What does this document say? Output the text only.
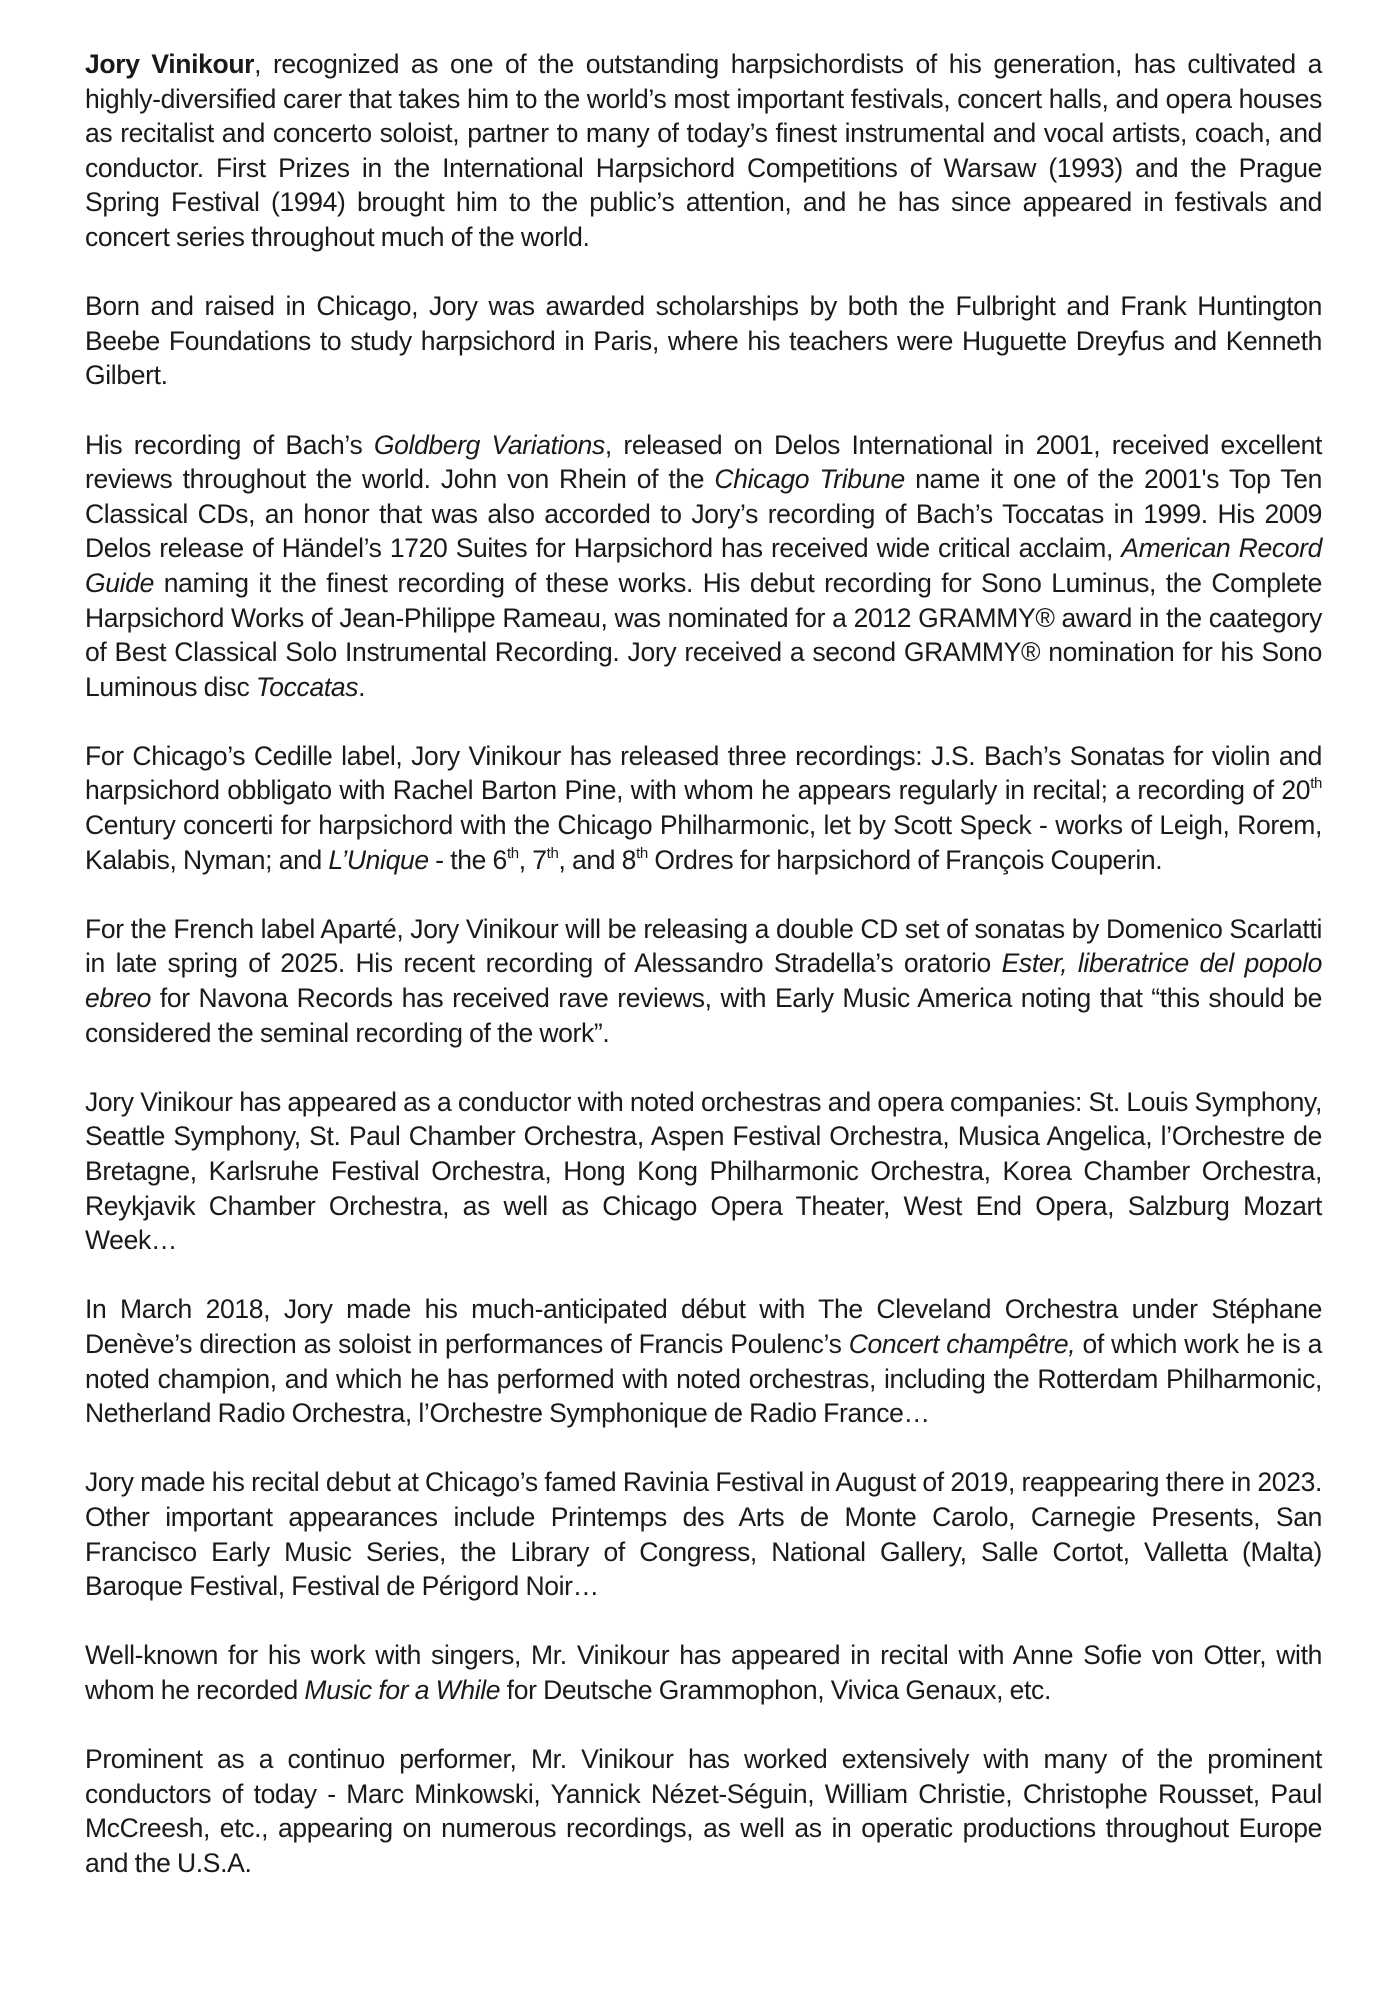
Jory Vinikour, recognized as one of the outstanding harpsichordists of his generation, has cultivated a highly-diversified carer that takes him to the world’s most important festivals, concert halls, and opera houses as recitalist and concerto soloist, partner to many of today’s finest instrumental and vocal artists, coach, and conductor. First Prizes in the International Harpsichord Competitions of Warsaw (1993) and the Prague Spring Festival (1994) brought him to the public’s attention, and he has since appeared in festivals and concert series throughout much of the world.

Born and raised in Chicago, Jory was awarded scholarships by both the Fulbright and Frank Huntington Beebe Foundations to study harpsichord in Paris, where his teachers were Huguette Dreyfus and Kenneth Gilbert.

His recording of Bach’s Goldberg Variations, released on Delos International in 2001, received excellent reviews throughout the world. John von Rhein of the Chicago Tribune name it one of the 2001's Top Ten Classical CDs, an honor that was also accorded to Jory’s recording of Bach’s Toccatas in 1999. His 2009 Delos release of Händel’s 1720 Suites for Harpsichord has received wide critical acclaim, American Record Guide naming it the finest recording of these works. His debut recording for Sono Luminus, the Complete Harpsichord Works of Jean-Philippe Rameau, was nominated for a 2012 GRAMMY® award in the caategory of Best Classical Solo Instrumental Recording. Jory received a second GRAMMY® nomination for his Sono Luminous disc Toccatas.

For Chicago’s Cedille label, Jory Vinikour has released three recordings: J.S. Bach’s Sonatas for violin and harpsichord obbligato with Rachel Barton Pine, with whom he appears regularly in recital; a recording of 20th Century concerti for harpsichord with the Chicago Philharmonic, let by Scott Speck - works of Leigh, Rorem, Kalabis, Nyman; and L’Unique - the 6th, 7th, and 8th Ordres for harpsichord of François Couperin.

For the French label Aparté, Jory Vinikour will be releasing a double CD set of sonatas by Domenico Scarlatti in late spring of 2025. His recent recording of Alessandro Stradella’s oratorio Ester, liberatrice del popolo ebreo for Navona Records has received rave reviews, with Early Music America noting that “this should be considered the seminal recording of the work”.

Jory Vinikour has appeared as a conductor with noted orchestras and opera companies: St. Louis Symphony, Seattle Symphony, St. Paul Chamber Orchestra, Aspen Festival Orchestra, Musica Angelica, l’Orchestre de Bretagne, Karlsruhe Festival Orchestra, Hong Kong Philharmonic Orchestra, Korea Chamber Orchestra, Reykjavik Chamber Orchestra, as well as Chicago Opera Theater, West End Opera, Salzburg Mozart Week…

In March 2018, Jory made his much-anticipated début with The Cleveland Orchestra under Stéphane Denève’s direction as soloist in performances of Francis Poulenc’s Concert champêtre, of which work he is a noted champion, and which he has performed with noted orchestras, including the Rotterdam Philharmonic, Netherland Radio Orchestra, l’Orchestre Symphonique de Radio France…

Jory made his recital debut at Chicago’s famed Ravinia Festival in August of 2019, reappearing there in 2023. Other important appearances include Printemps des Arts de Monte Carolo, Carnegie Presents, San Francisco Early Music Series, the Library of Congress, National Gallery, Salle Cortot, Valletta (Malta) Baroque Festival, Festival de Périgord Noir…

Well-known for his work with singers, Mr. Vinikour has appeared in recital with Anne Sofie von Otter, with whom he recorded Music for a While for Deutsche Grammophon, Vivica Genaux, etc.

Prominent as a continuo performer, Mr. Vinikour has worked extensively with many of the prominent conductors of today - Marc Minkowski, Yannick Nézet-Séguin, William Christie, Christophe Rousset, Paul McCreesh, etc., appearing on numerous recordings, as well as in operatic productions throughout Europe and the U.S.A.
